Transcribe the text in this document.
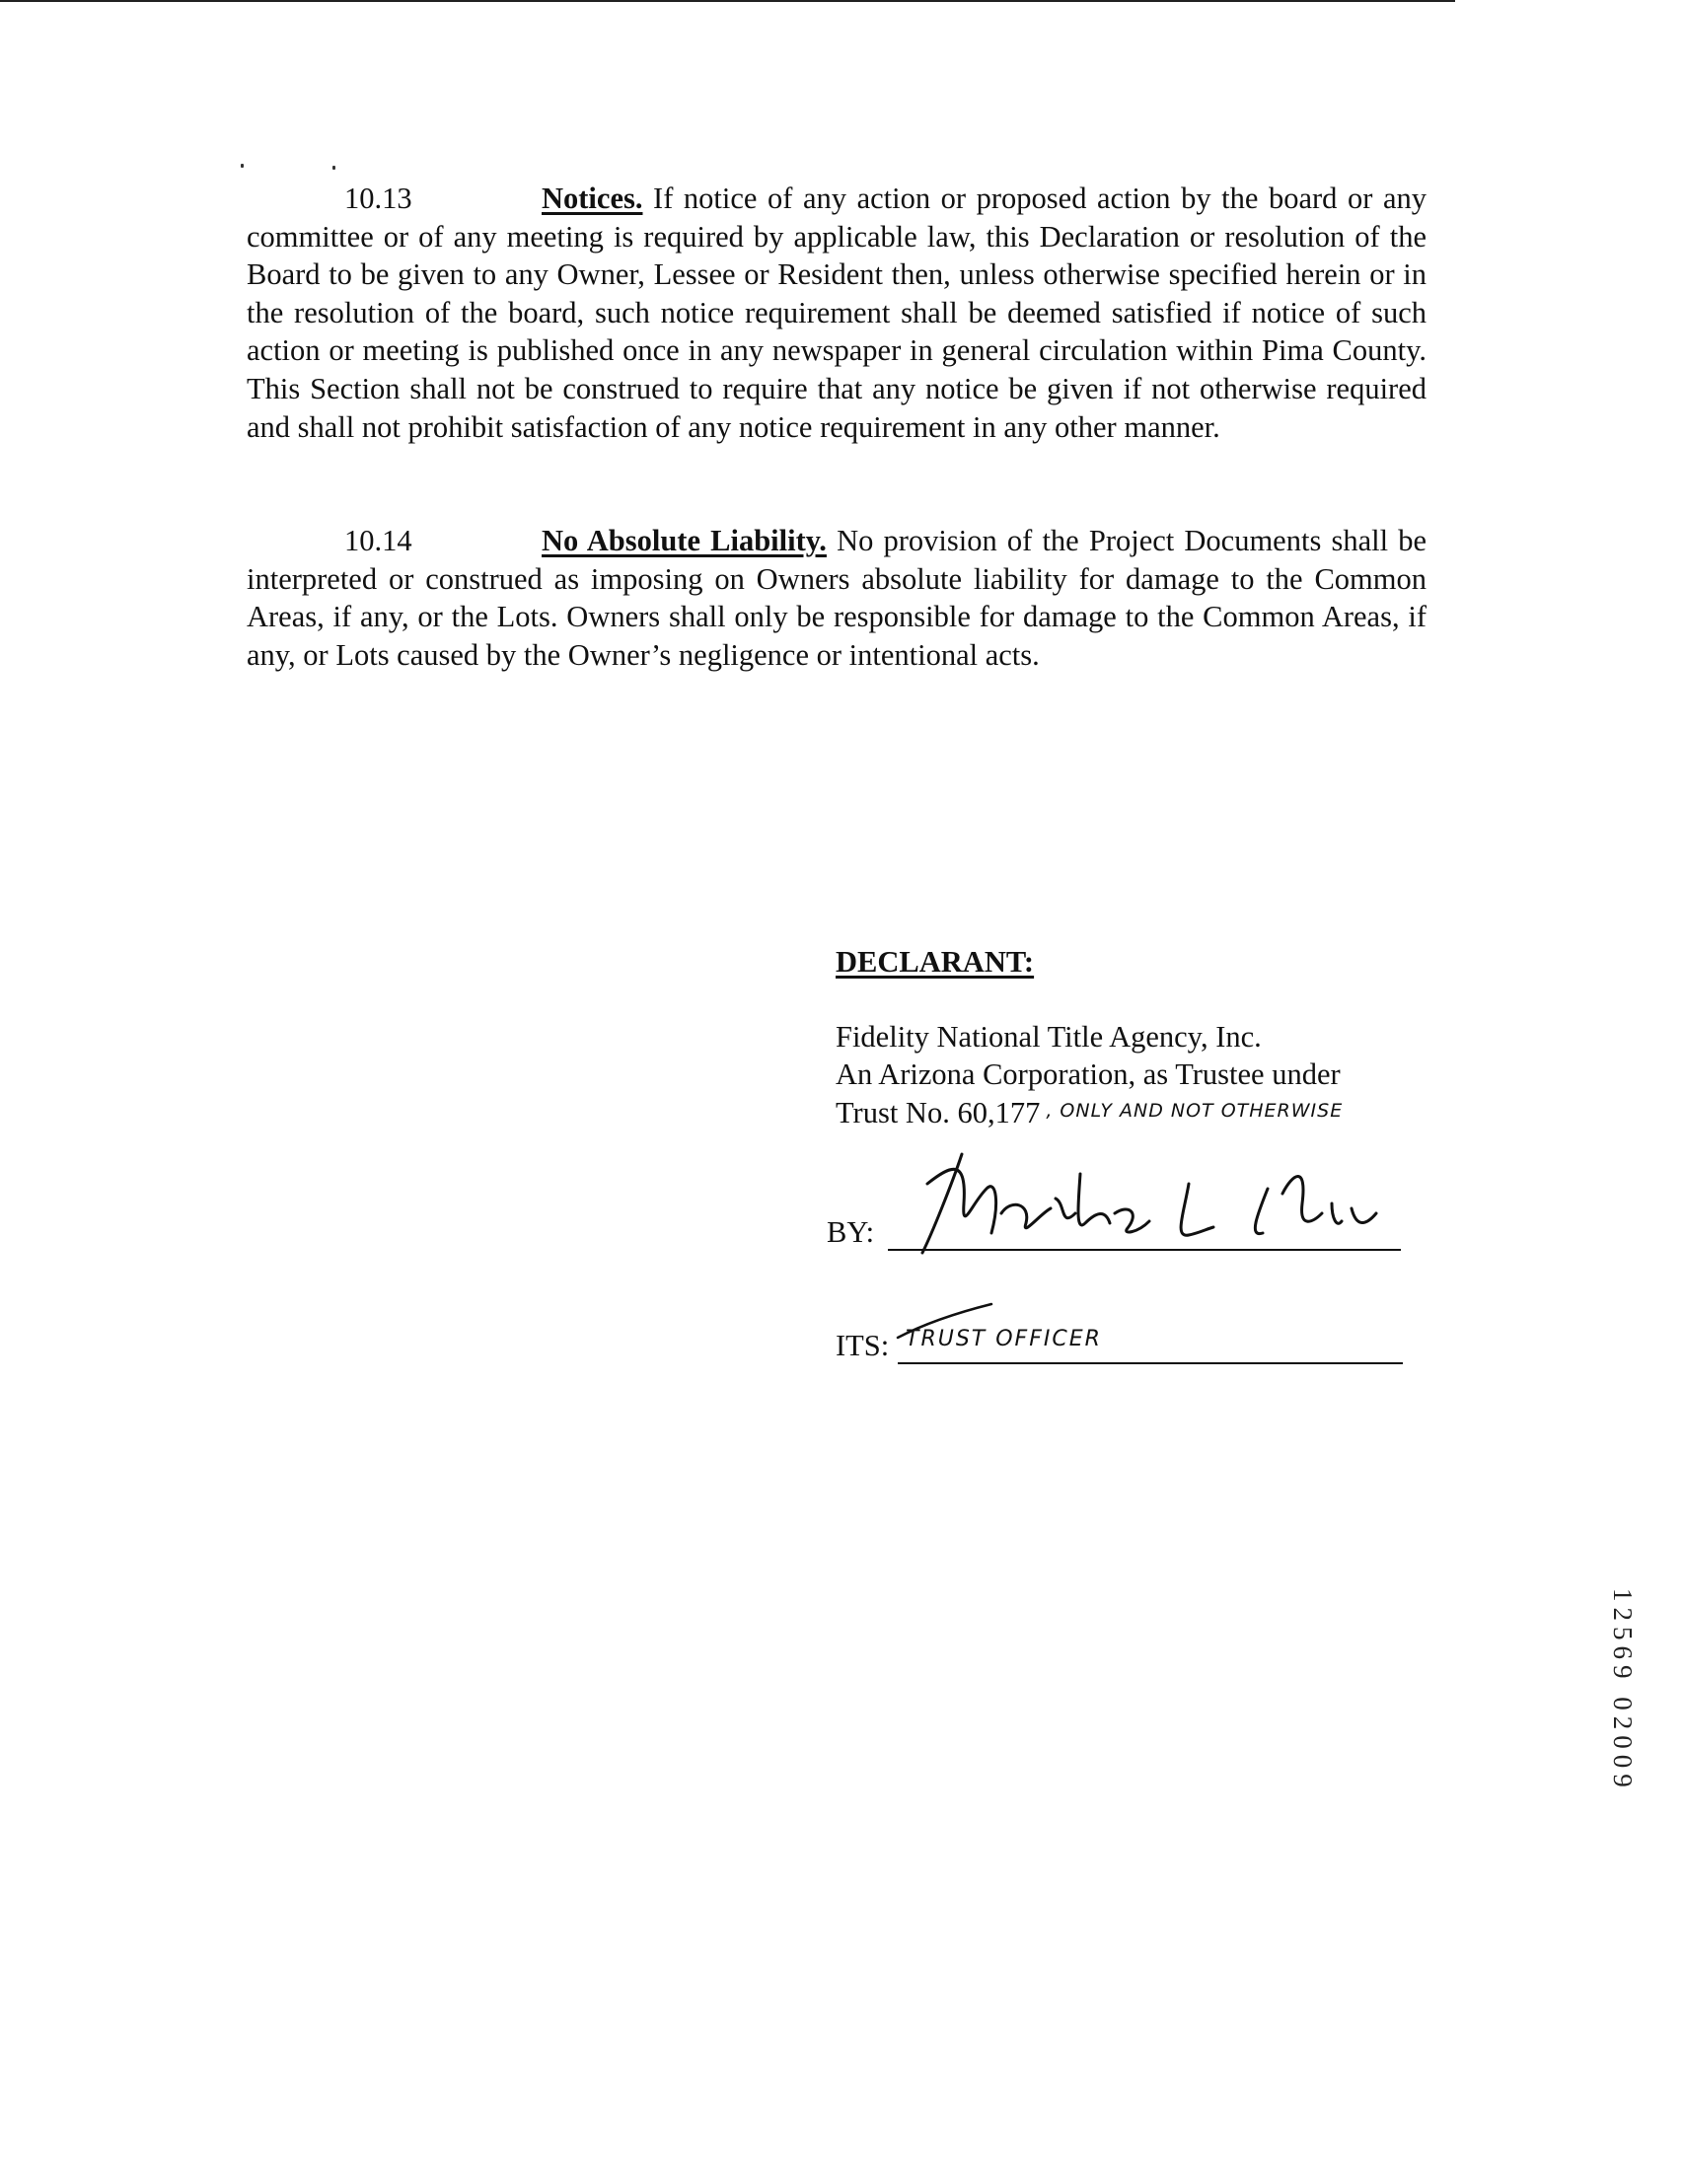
10.13	Notices. If notice of any action or proposed action by the board or any committee or of any meeting is required by applicable law, this Declaration or resolution of the Board to be given to any Owner, Lessee or Resident then, unless otherwise specified herein or in the resolution of the board, such notice requirement shall be deemed satisfied if notice of such action or meeting is published once in any newspaper in general circulation within Pima County. This Section shall not be construed to require that any notice be given if not otherwise required and shall not prohibit satisfaction of any notice requirement in any other manner.

10.14	No Absolute Liability. No provision of the Project Documents shall be interpreted or construed as imposing on Owners absolute liability for damage to the Common Areas, if any, or the Lots. Owners shall only be responsible for damage to the Common Areas, if any, or Lots caused by the Owner’s negligence or intentional acts.

DECLARANT:
Fidelity National Title Agency, Inc.
An Arizona Corporation, as Trustee under
Trust No. 60,177 , ONLY AND NOT OTHERWISE
BY:
ITS: TRUST OFFICER
12569 02009
